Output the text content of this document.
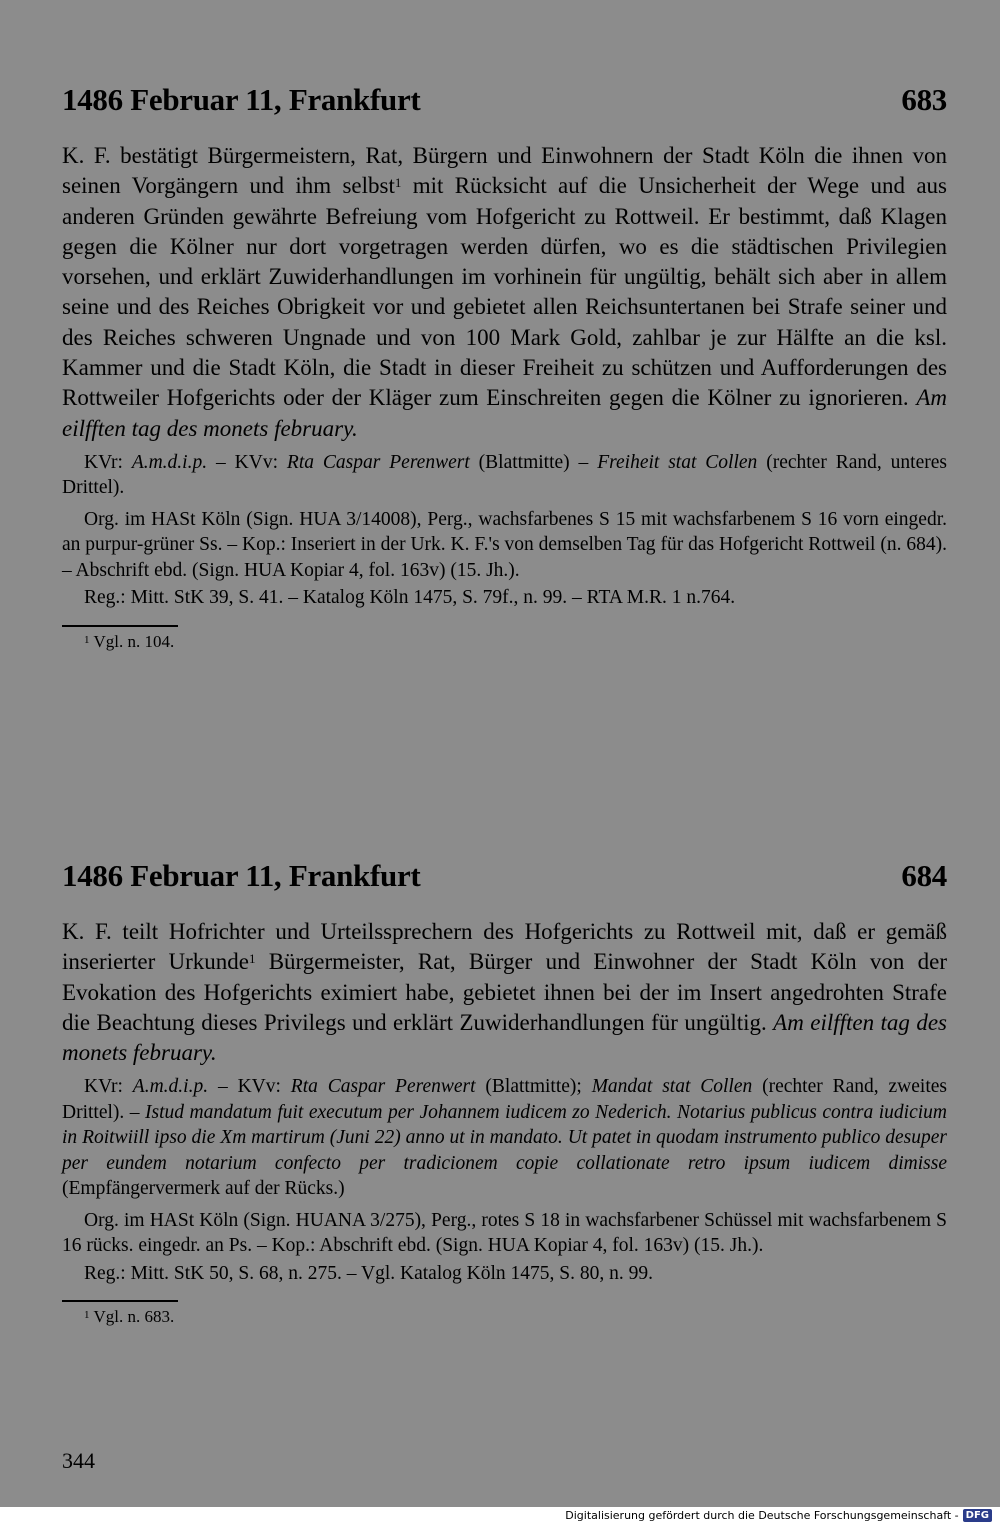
1486 Februar 11, Frankfurt	683
K. F. bestätigt Bürgermeistern, Rat, Bürgern und Einwohnern der Stadt Köln die ihnen von seinen Vorgängern und ihm selbst$^1$ mit Rücksicht auf die Unsicherheit der Wege und aus anderen Gründen gewährte Befreiung vom Hofgericht zu Rottweil. Er bestimmt, daß Klagen gegen die Kölner nur dort vorgetragen werden dürfen, wo es die städtischen Privilegien vorsehen, und erklärt Zuwiderhandlungen im vorhinein für ungültig, behält sich aber in allem seine und des Reiches Obrigkeit vor und gebietet allen Reichsuntertanen bei Strafe seiner und des Reiches schweren Ungnade und von 100 Mark Gold, zahlbar je zur Hälfte an die ksl. Kammer und die Stadt Köln, die Stadt in dieser Freiheit zu schützen und Aufforderungen des Rottweiler Hofgerichts oder der Kläger zum Einschreiten gegen die Kölner zu ignorieren. Am eilfften tag des monets february.
KVr: A.m.d.i.p. – KVv: Rta Caspar Perenwert (Blattmitte) – Freiheit stat Collen (rechter Rand, unteres Drittel).
Org. im HASt Köln (Sign. HUA 3/14008), Perg., wachsfarbenes S 15 mit wachsfarbenem S 16 vorn eingedr. an purpur-grüner Ss. – Kop.: Inseriert in der Urk. K. F.'s von demselben Tag für das Hofgericht Rottweil (n. 684). – Abschrift ebd. (Sign. HUA Kopiar 4, fol. 163v) (15. Jh.).
Reg.: Mitt. StK 39, S. 41. – Katalog Köln 1475, S. 79f., n. 99. – RTA M.R. 1 n.764.
$^1$ Vgl. n. 104.
1486 Februar 11, Frankfurt	684
K. F. teilt Hofrichter und Urteilssprechern des Hofgerichts zu Rottweil mit, daß er gemäß inserierter Urkunde$^1$ Bürgermeister, Rat, Bürger und Einwohner der Stadt Köln von der Evokation des Hofgerichts eximiert habe, gebietet ihnen bei der im Insert angedrohten Strafe die Beachtung dieses Privilegs und erklärt Zuwiderhandlungen für ungültig. Am eilfften tag des monets february.
KVr: A.m.d.i.p. – KVv: Rta Caspar Perenwert (Blattmitte); Mandat stat Collen (rechter Rand, zweites Drittel). – Istud mandatum fuit executum per Johannem iudicem zo Nederich. Notarius publicus contra iudicium in Roitwiill ipso die Xm martirum (Juni 22) anno ut in mandato. Ut patet in quodam instrumento publico desuper per eundem notarium confecto per tradicionem copie collationate retro ipsum iudicem dimisse (Empfängervermerk auf der Rücks.)
Org. im HASt Köln (Sign. HUANA 3/275), Perg., rotes S 18 in wachsfarbener Schüssel mit wachsfarbenem S 16 rücks. eingedr. an Ps. – Kop.: Abschrift ebd. (Sign. HUA Kopiar 4, fol. 163v) (15. Jh.).
Reg.: Mitt. StK 50, S. 68, n. 275. – Vgl. Katalog Köln 1475, S. 80, n. 99.
$^1$ Vgl. n. 683.
344
Digitalisierung gefördert durch die Deutsche Forschungsgemeinschaft - DFG
